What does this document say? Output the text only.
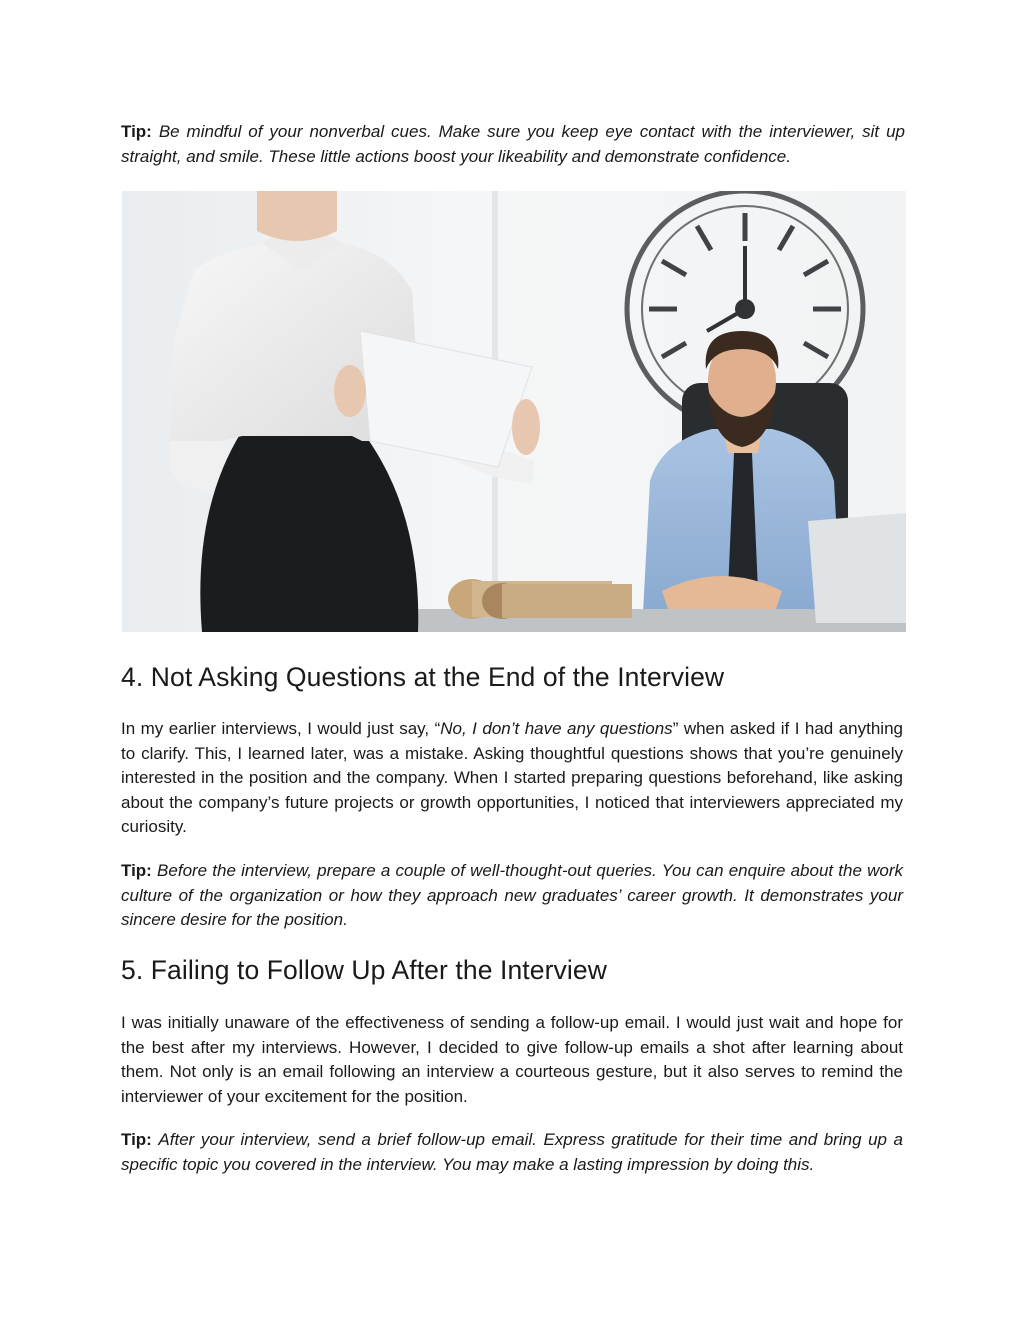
Tip: Be mindful of your nonverbal cues. Make sure you keep eye contact with the interviewer, sit up straight, and smile. These little actions boost your likeability and demonstrate confidence.

4. Not Asking Questions at the End of the Interview

In my earlier interviews, I would just say, “No, I don’t have any questions” when asked if I had anything to clarify. This, I learned later, was a mistake. Asking thoughtful questions shows that you’re genuinely interested in the position and the company. When I started preparing questions beforehand, like asking about the company’s future projects or growth opportunities, I noticed that interviewers appreciated my curiosity.

Tip: Before the interview, prepare a couple of well-thought-out queries. You can enquire about the work culture of the organization or how they approach new graduates’ career growth. It demonstrates your sincere desire for the position.

5. Failing to Follow Up After the Interview

I was initially unaware of the effectiveness of sending a follow-up email. I would just wait and hope for the best after my interviews. However, I decided to give follow-up emails a shot after learning about them. Not only is an email following an interview a courteous gesture, but it also serves to remind the interviewer of your excitement for the position.

Tip: After your interview, send a brief follow-up email. Express gratitude for their time and bring up a specific topic you covered in the interview. You may make a lasting impression by doing this.
